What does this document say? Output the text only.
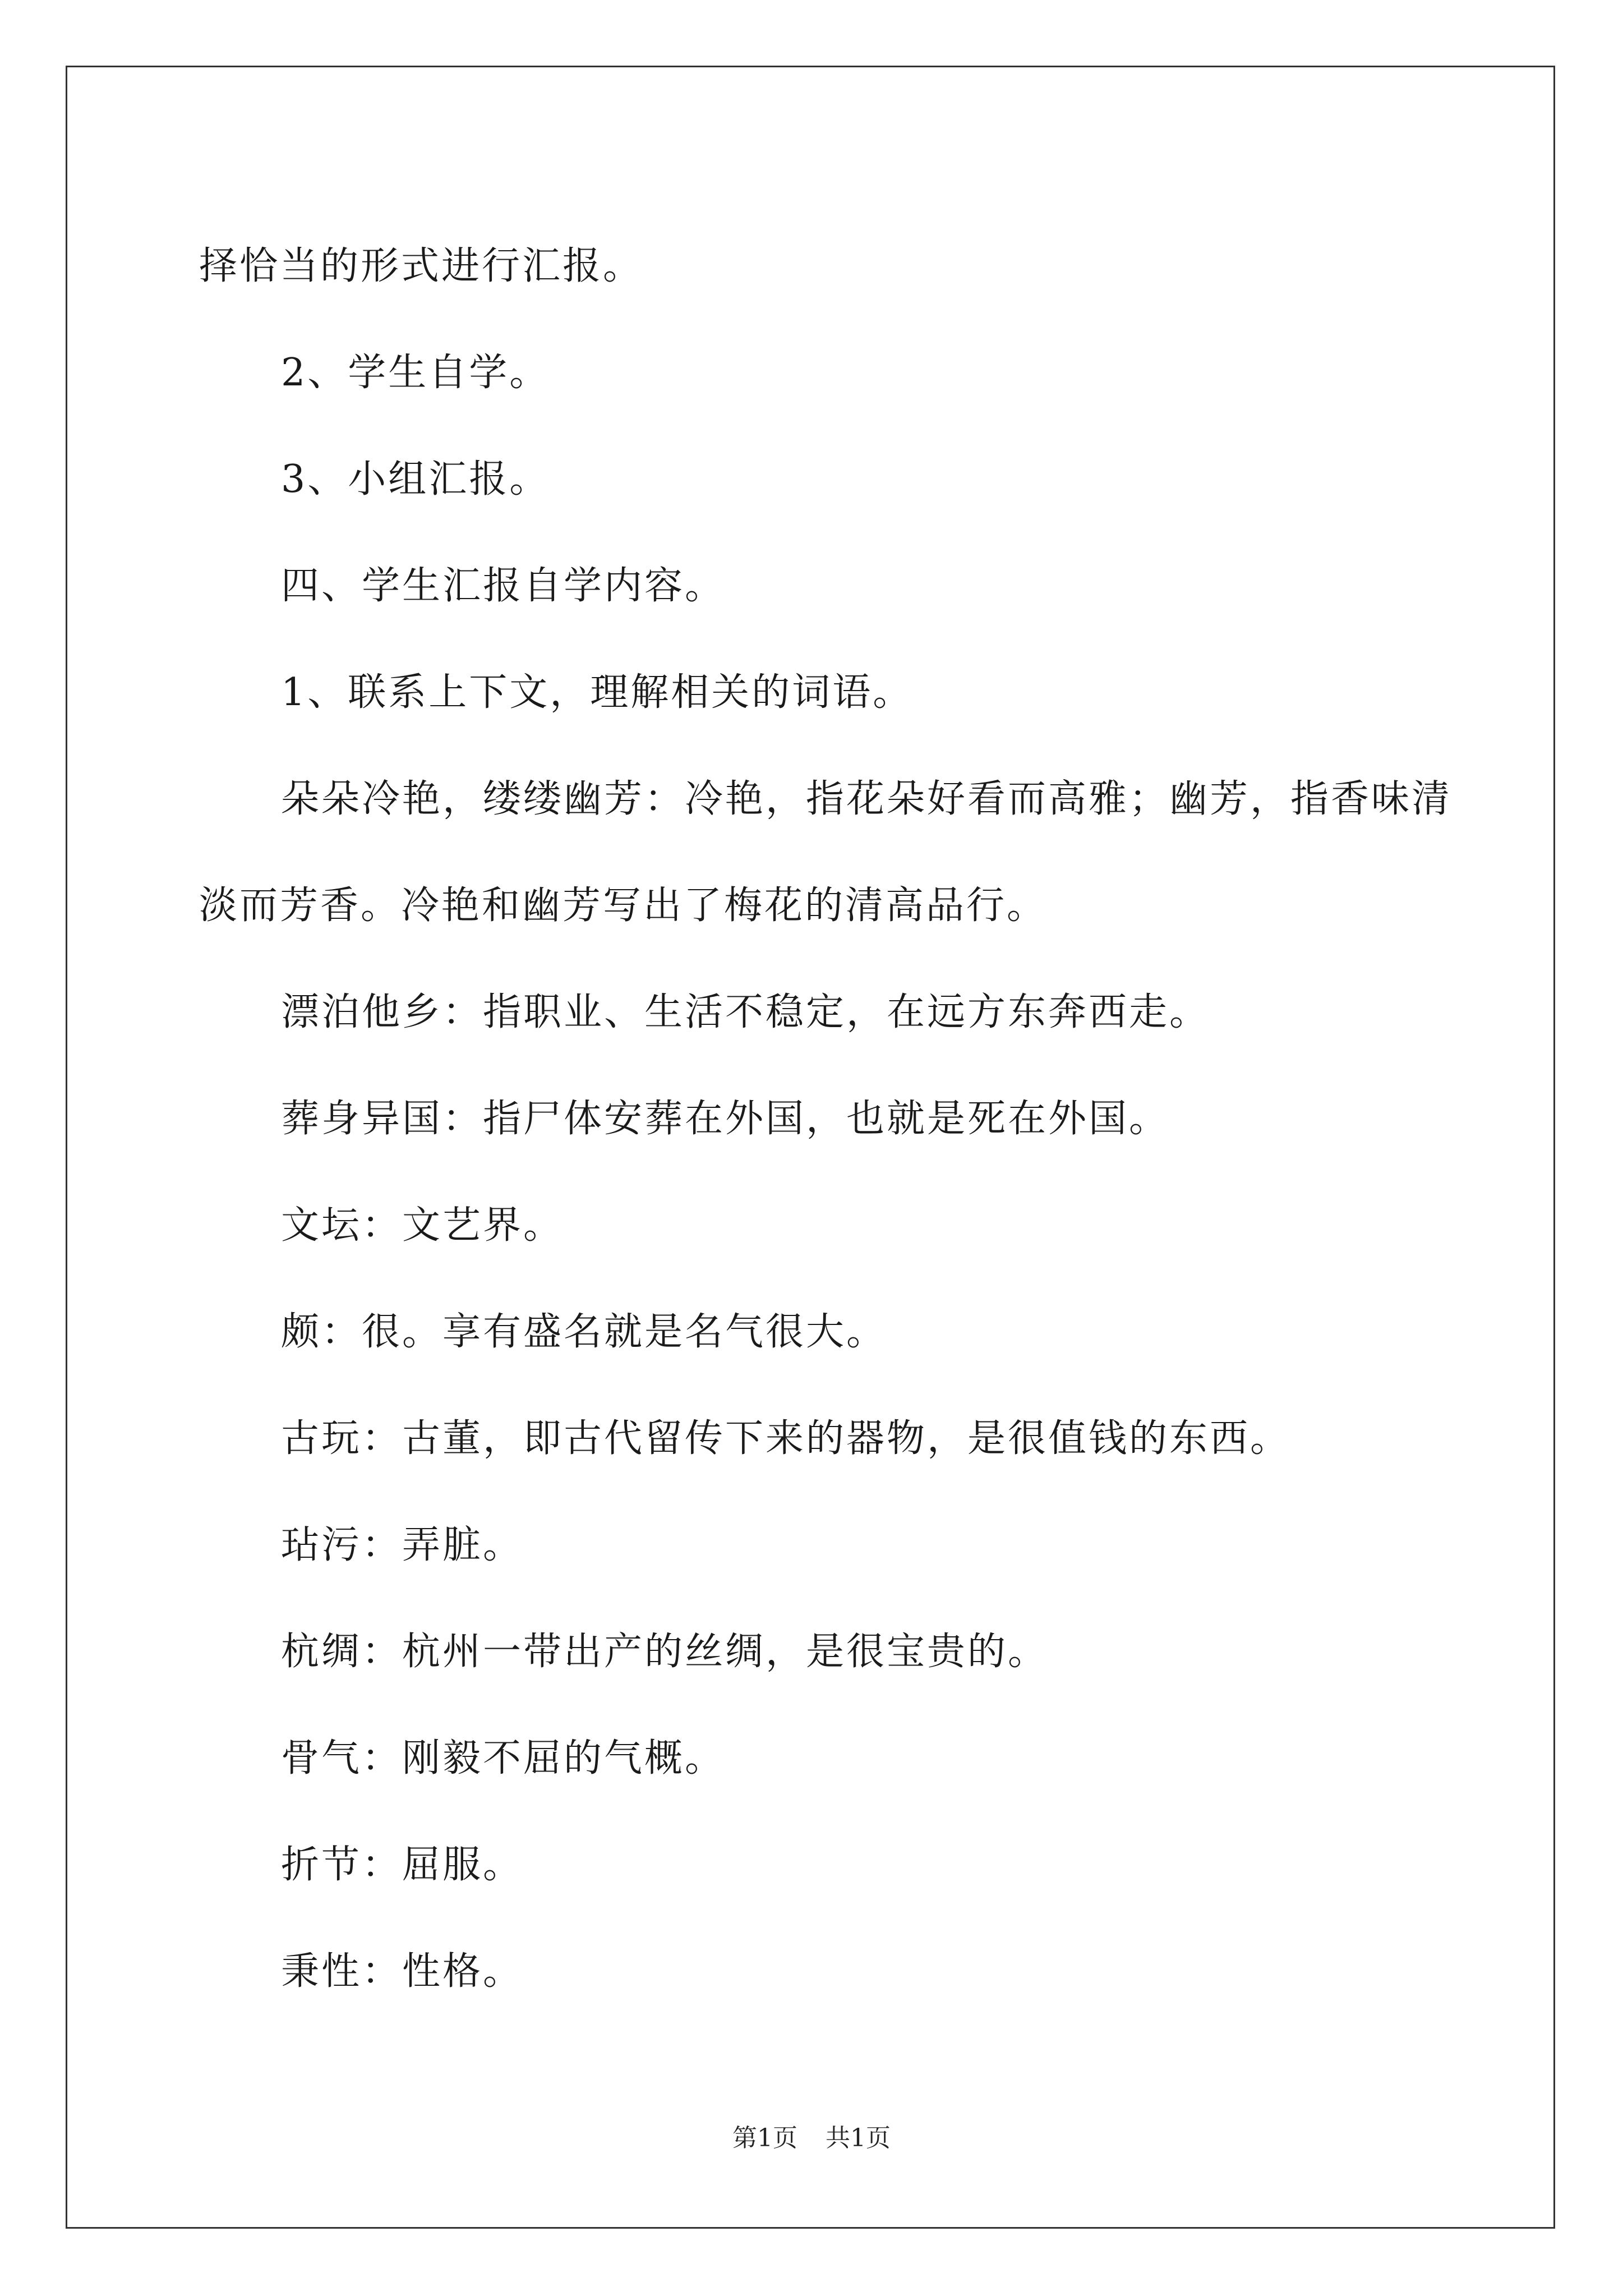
择恰当的形式进行汇报。

2、学生自学。

3、小组汇报。

四、学生汇报自学内容。

1、联系上下文，理解相关的词语。

朵朵冷艳，缕缕幽芳：冷艳，指花朵好看而高雅；幽芳，指香味清淡而芳香。冷艳和幽芳写出了梅花的清高品行。

漂泊他乡：指职业、生活不稳定，在远方东奔西走。

葬身异国：指尸体安葬在外国，也就是死在外国。

文坛：文艺界。

颇：很。享有盛名就是名气很大。

古玩：古董，即古代留传下来的器物，是很值钱的东西。

玷污：弄脏。

杭绸：杭州一带出产的丝绸，是很宝贵的。

骨气：刚毅不屈的气概。

折节：屈服。

秉性：性格。

第1页 共1页
